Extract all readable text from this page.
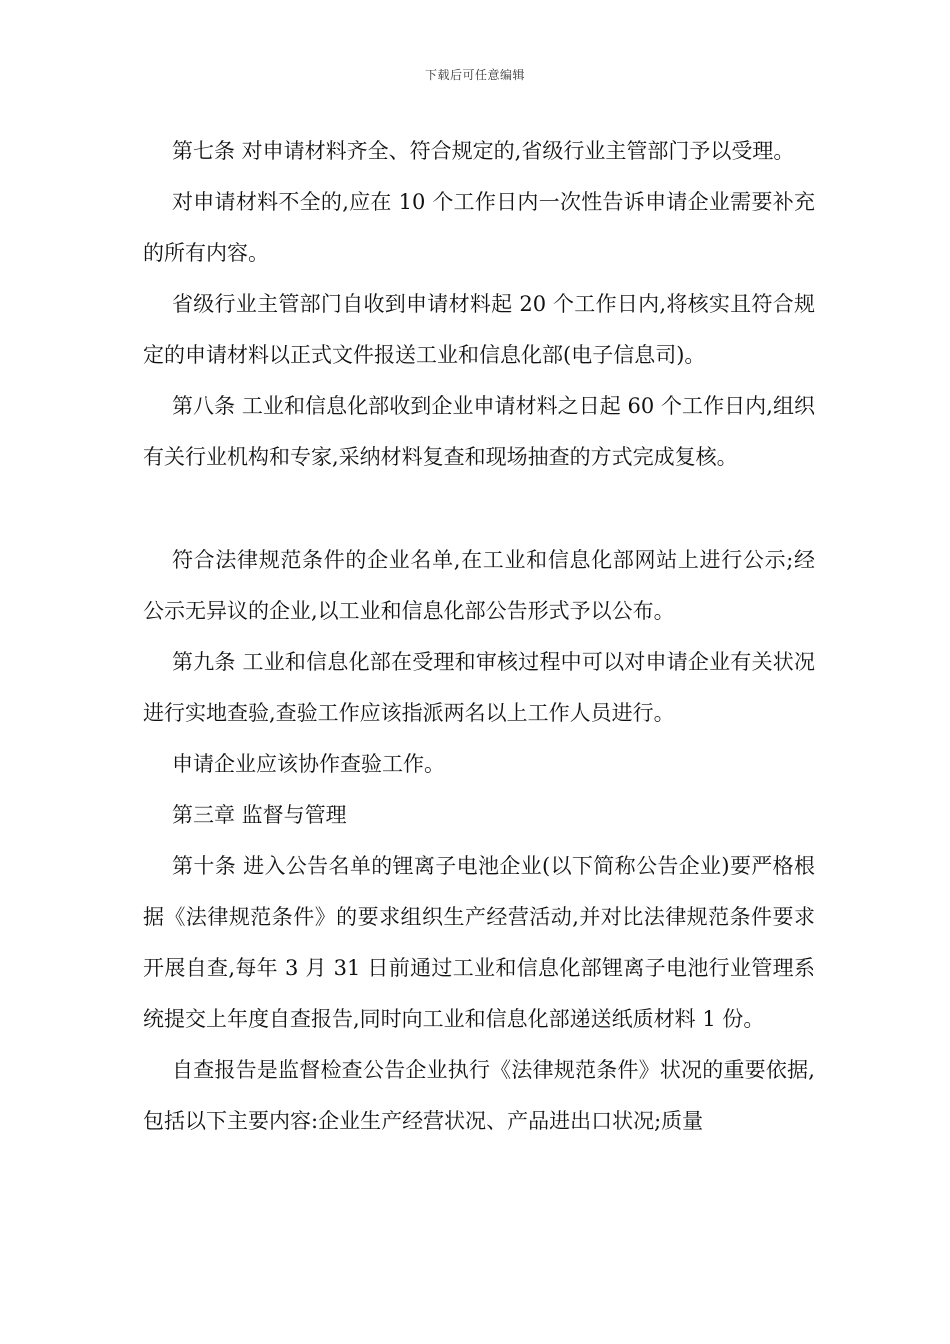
下载后可任意编辑

第七条 对申请材料齐全、符合规定的,省级行业主管部门予以受理。

对申请材料不全的,应在 10 个工作日内一次性告诉申请企业需要补充的所有内容。

省级行业主管部门自收到申请材料起 20 个工作日内,将核实且符合规定的申请材料以正式文件报送工业和信息化部(电子信息司)。

第八条 工业和信息化部收到企业申请材料之日起 60 个工作日内,组织有关行业机构和专家,采纳材料复查和现场抽查的方式完成复核。

符合法律规范条件的企业名单,在工业和信息化部网站上进行公示;经公示无异议的企业,以工业和信息化部公告形式予以公布。

第九条 工业和信息化部在受理和审核过程中可以对申请企业有关状况进行实地查验,查验工作应该指派两名以上工作人员进行。

申请企业应该协作查验工作。

第三章 监督与管理

第十条 进入公告名单的锂离子电池企业(以下简称公告企业)要严格根据《法律规范条件》的要求组织生产经营活动,并对比法律规范条件要求开展自查,每年 3 月 31 日前通过工业和信息化部锂离子电池行业管理系统提交上年度自查报告,同时向工业和信息化部递送纸质材料 1 份。

自查报告是监督检查公告企业执行《法律规范条件》状况的重要依据,包括以下主要内容:企业生产经营状况、产品进出口状况;质量
